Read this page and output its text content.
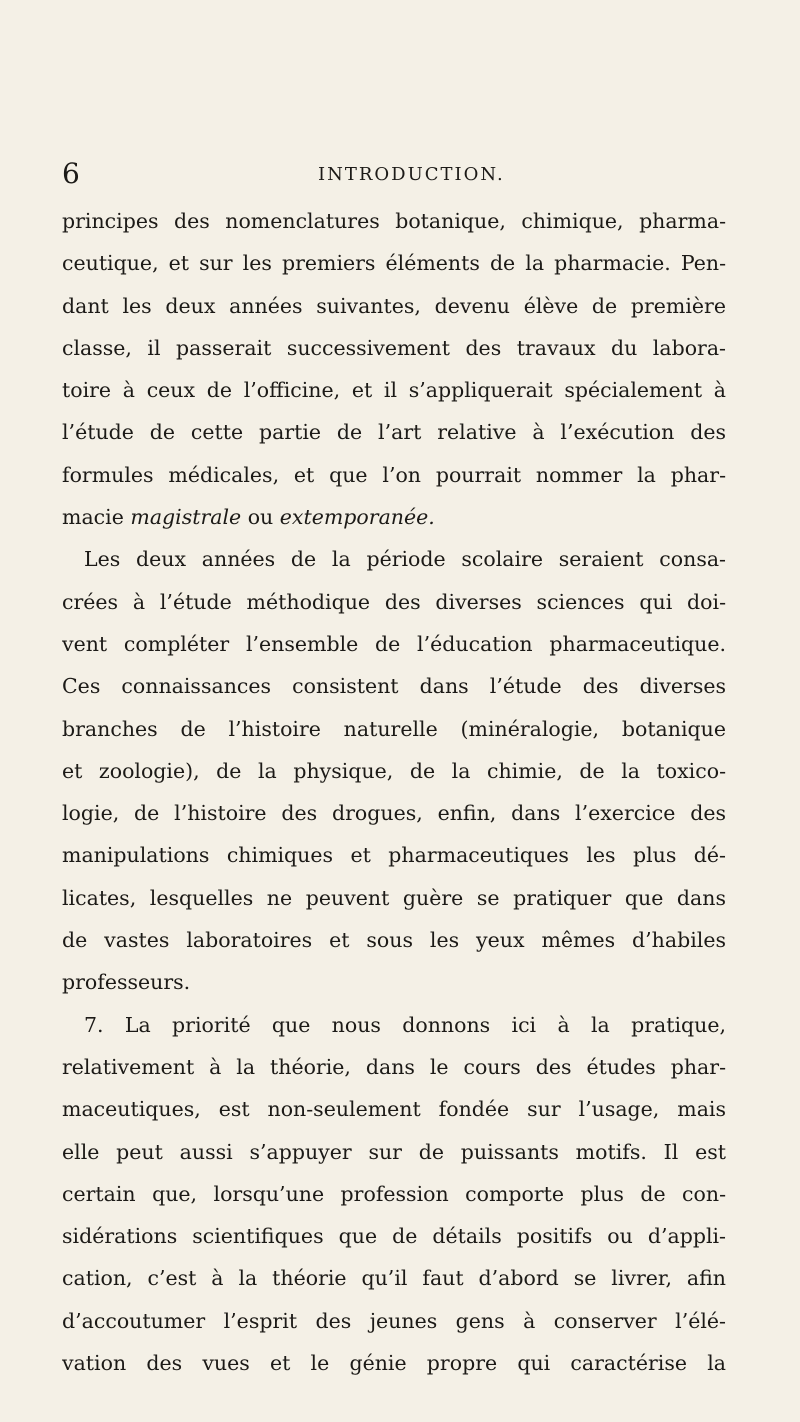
6	INTRODUCTION.
principes des nomenclatures botanique, chimique, pharma-
ceutique, et sur les premiers éléments de la pharmacie. Pen-
dant les deux années suivantes, devenu élève de première
classe, il passerait successivement des travaux du labora-
toire à ceux de l’officine, et il s’appliquerait spécialement à
l’étude de cette partie de l’art relative à l’exécution des
formules médicales, et que l’on pourrait nommer la phar-
macie magistrale ou extemporanée.
Les deux années de la période scolaire seraient consa-
crées à l’étude méthodique des diverses sciences qui doi-
vent compléter l’ensemble de l’éducation pharmaceutique.
Ces connaissances consistent dans l’étude des diverses
branches de l’histoire naturelle (minéralogie, botanique
et zoologie), de la physique, de la chimie, de la toxico-
logie, de l’histoire des drogues, enfin, dans l’exercice des
manipulations chimiques et pharmaceutiques les plus dé-
licates, lesquelles ne peuvent guère se pratiquer que dans
de vastes laboratoires et sous les yeux mêmes d’habiles
professeurs.
7. La priorité que nous donnons ici à la pratique,
relativement à la théorie, dans le cours des études phar-
maceutiques, est non-seulement fondée sur l’usage, mais
elle peut aussi s’appuyer sur de puissants motifs. Il est
certain que, lorsqu’une profession comporte plus de con-
sidérations scientifiques que de détails positifs ou d’appli-
cation, c’est à la théorie qu’il faut d’abord se livrer, afin
d’accoutumer l’esprit des jeunes gens à conserver l’élé-
vation des vues et le génie propre qui caractérise la
